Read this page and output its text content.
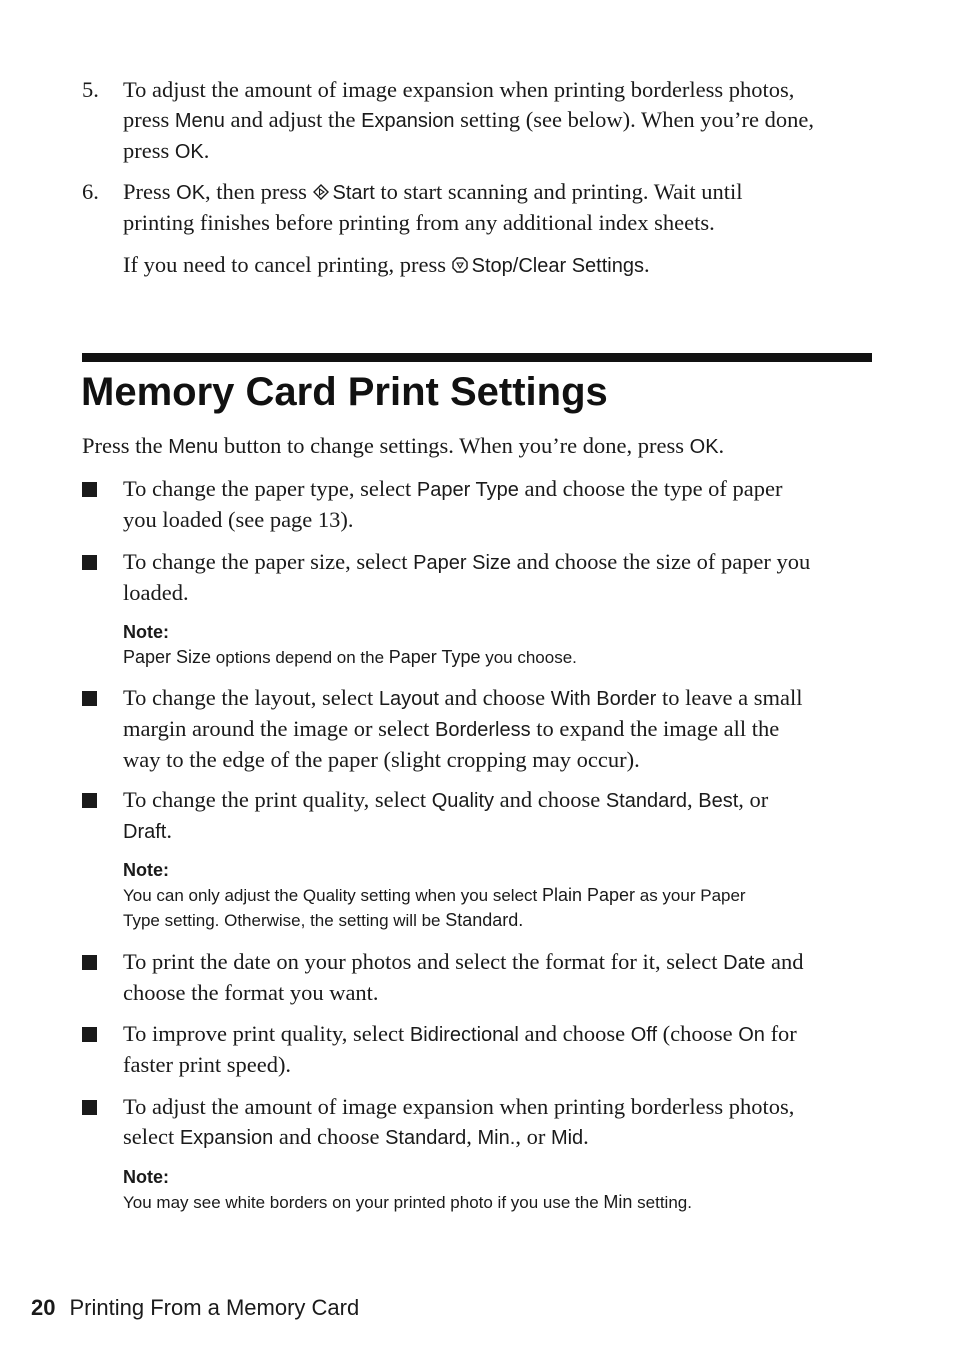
5. To adjust the amount of image expansion when printing borderless photos,
press Menu and adjust the Expansion setting (see below). When you’re done,
press OK.
6. Press OK, then press Start to start scanning and printing. Wait until
printing finishes before printing from any additional index sheets.
If you need to cancel printing, press Stop/Clear Settings.
Memory Card Print Settings
Press the Menu button to change settings. When you’re done, press OK.
To change the paper type, select Paper Type and choose the type of paper
you loaded (see page 13).
To change the paper size, select Paper Size and choose the size of paper you
loaded.
Note:
Paper Size options depend on the Paper Type you choose.
To change the layout, select Layout and choose With Border to leave a small
margin around the image or select Borderless to expand the image all the
way to the edge of the paper (slight cropping may occur).
To change the print quality, select Quality and choose Standard, Best, or
Draft.
Note:
You can only adjust the Quality setting when you select Plain Paper as your Paper
Type setting. Otherwise, the setting will be Standard.
To print the date on your photos and select the format for it, select Date and
choose the format you want.
To improve print quality, select Bidirectional and choose Off (choose On for
faster print speed).
To adjust the amount of image expansion when printing borderless photos,
select Expansion and choose Standard, Min., or Mid.
Note:
You may see white borders on your printed photo if you use the Min setting.
20 Printing From a Memory Card
